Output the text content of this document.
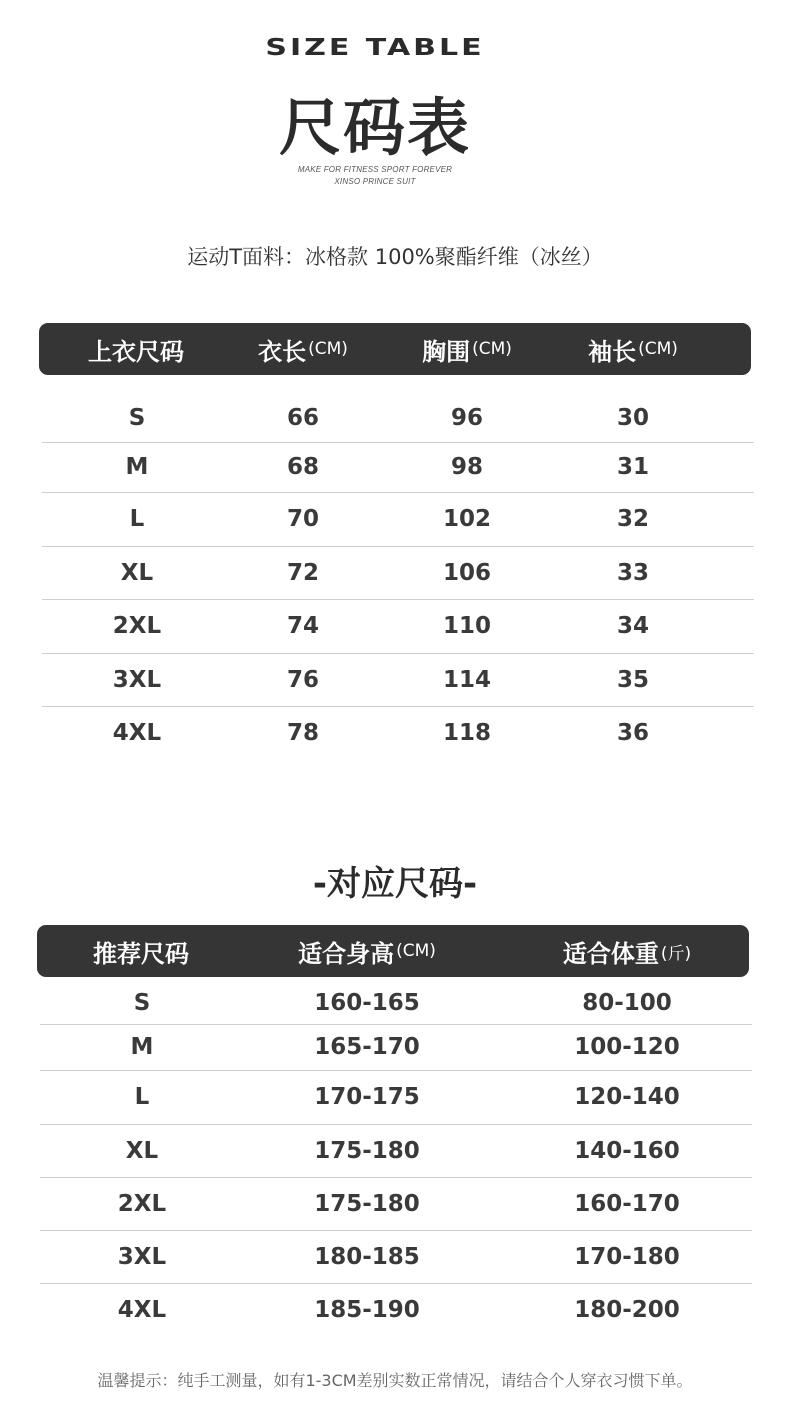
SIZE TABLE
尺码表
MAKE FOR FITNESS SPORT FOREVER
XINSO PRINCE SUIT
运动T面料：冰格款 100%聚酯纤维（冰丝）
上衣尺码	衣长 (CM)	胸围 (CM)	袖长 (CM)
S	66	96	30
M	68	98	31
L	70	102	32
XL	72	106	33
2XL	74	110	34
3XL	76	114	35
4XL	78	118	36
-对应尺码-
推荐尺码	适合身高 (CM)	适合体重 (斤)
S	160-165	80-100
M	165-170	100-120
L	170-175	120-140
XL	175-180	140-160
2XL	175-180	160-170
3XL	180-185	170-180
4XL	185-190	180-200
温馨提示：纯手工测量，如有1-3CM差别实数正常情况，请结合个人穿衣习惯下单。
